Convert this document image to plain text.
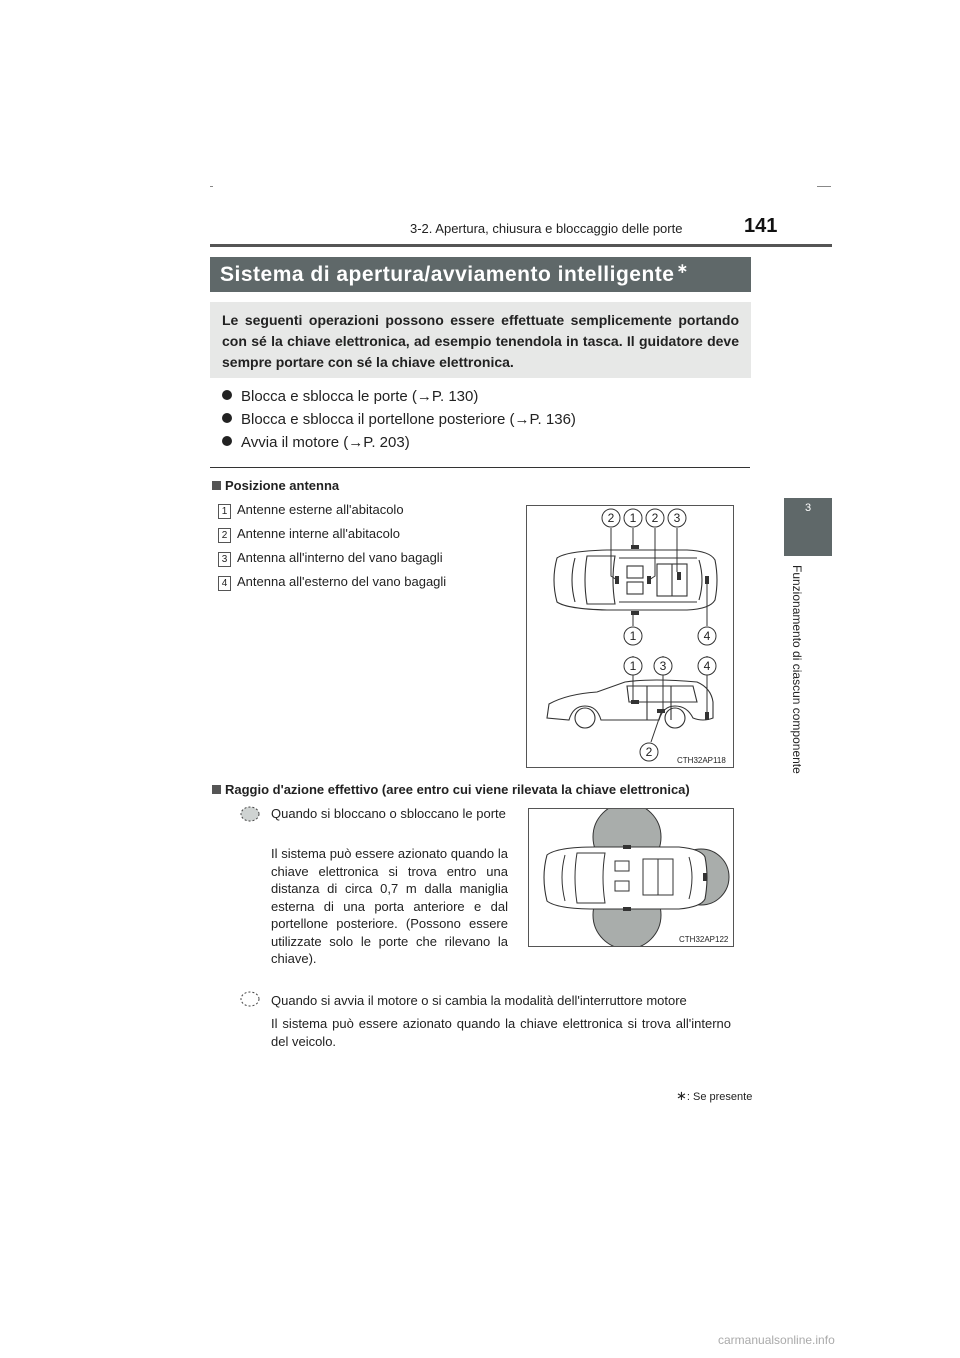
3-2. Apertura, chiusura e bloccaggio delle porte	141
3
Funzionamento di ciascun componente
Sistema di apertura/avviamento intelligente ∗
Le seguenti operazioni possono essere effettuate semplicemente portando con sé la chiave elettronica, ad esempio tenendola in tasca. Il guidatore deve sempre portare con sé la chiave elettronica.
Blocca e sblocca le porte (→P. 130)
Blocca e sblocca il portellone posteriore (→P. 136)
Avvia il motore (→P. 203)
Posizione antenna
1 Antenne esterne all'abitacolo
2 Antenne interne all'abitacolo
3 Antenna all'interno del vano bagagli
4 Antenna all'esterno del vano bagagli
2 1 2 3
1	4
1 3	4
2
CTH32AP118
Raggio d'azione effettivo (aree entro cui viene rilevata la chiave elettronica)
Quando si bloccano o sbloccano le porte
Il sistema può essere azionato quando la chiave elettronica si trova entro una distanza di circa 0,7 m dalla maniglia esterna di una porta anteriore e dal portellone posteriore. (Possono essere utilizzate solo le porte che rilevano la chiave).
CTH32AP122
Quando si avvia il motore o si cambia la modalità dell'interruttore motore
Il sistema può essere azionato quando la chiave elettronica si trova all'interno del veicolo.
∗: Se presente
carmanualsonline.info
